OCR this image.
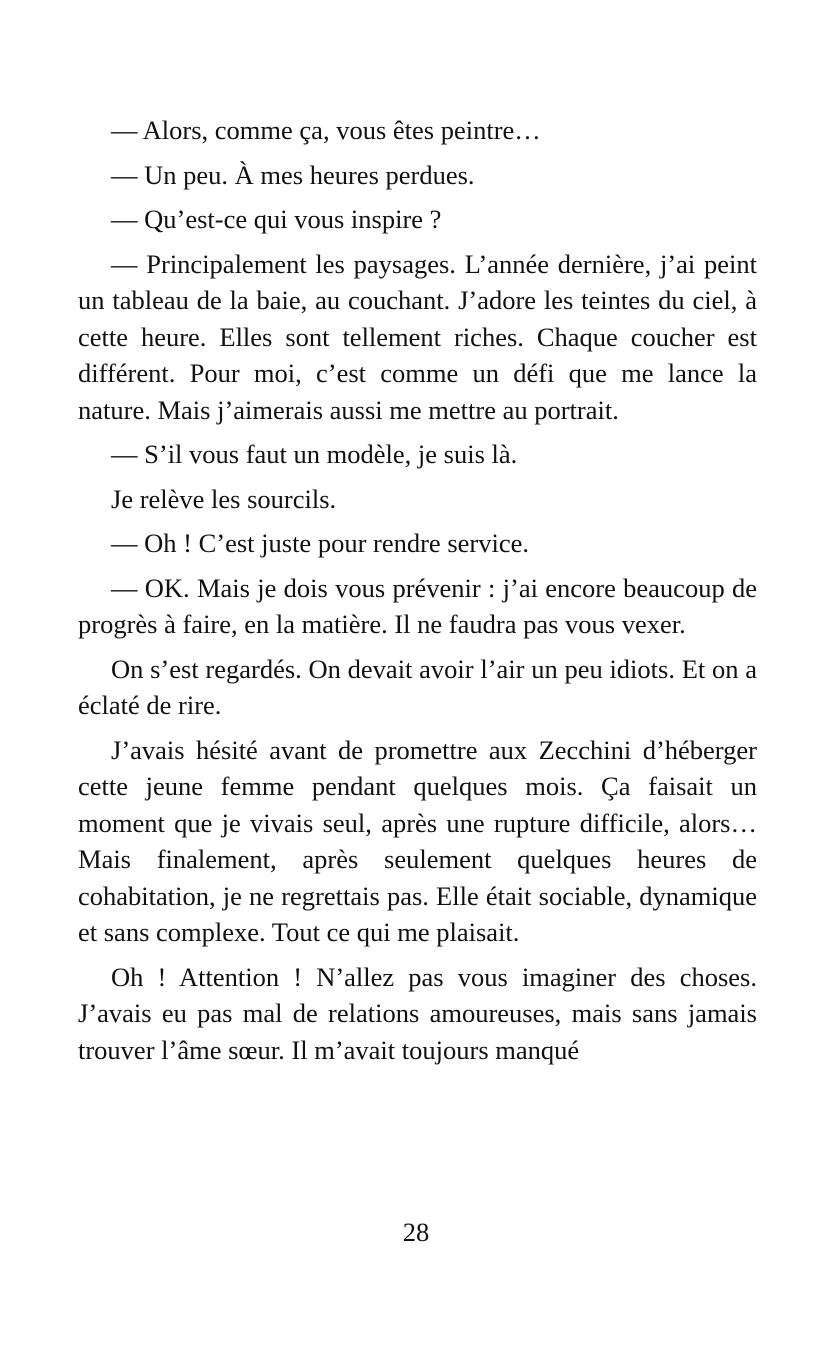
— Alors, comme ça, vous êtes peintre…

— Un peu. À mes heures perdues.

— Qu’est-ce qui vous inspire ?

— Principalement les paysages. L’année dernière, j’ai peint un tableau de la baie, au couchant. J’adore les teintes du ciel, à cette heure. Elles sont tellement riches. Chaque coucher est différent. Pour moi, c’est comme un défi que me lance la nature. Mais j’aimerais aussi me mettre au portrait.

— S’il vous faut un modèle, je suis là.

Je relève les sourcils.

— Oh ! C’est juste pour rendre service.

— OK. Mais je dois vous prévenir : j’ai encore beaucoup de progrès à faire, en la matière. Il ne faudra pas vous vexer.

On s’est regardés. On devait avoir l’air un peu idiots. Et on a éclaté de rire.

J’avais hésité avant de promettre aux Zecchini d’héberger cette jeune femme pendant quelques mois. Ça faisait un moment que je vivais seul, après une rupture difficile, alors… Mais finalement, après seulement quelques heures de cohabitation, je ne regrettais pas. Elle était sociable, dynamique et sans complexe. Tout ce qui me plaisait.

Oh ! Attention ! N’allez pas vous imaginer des choses. J’avais eu pas mal de relations amoureuses, mais sans jamais trouver l’âme sœur. Il m’avait toujours manqué

28
